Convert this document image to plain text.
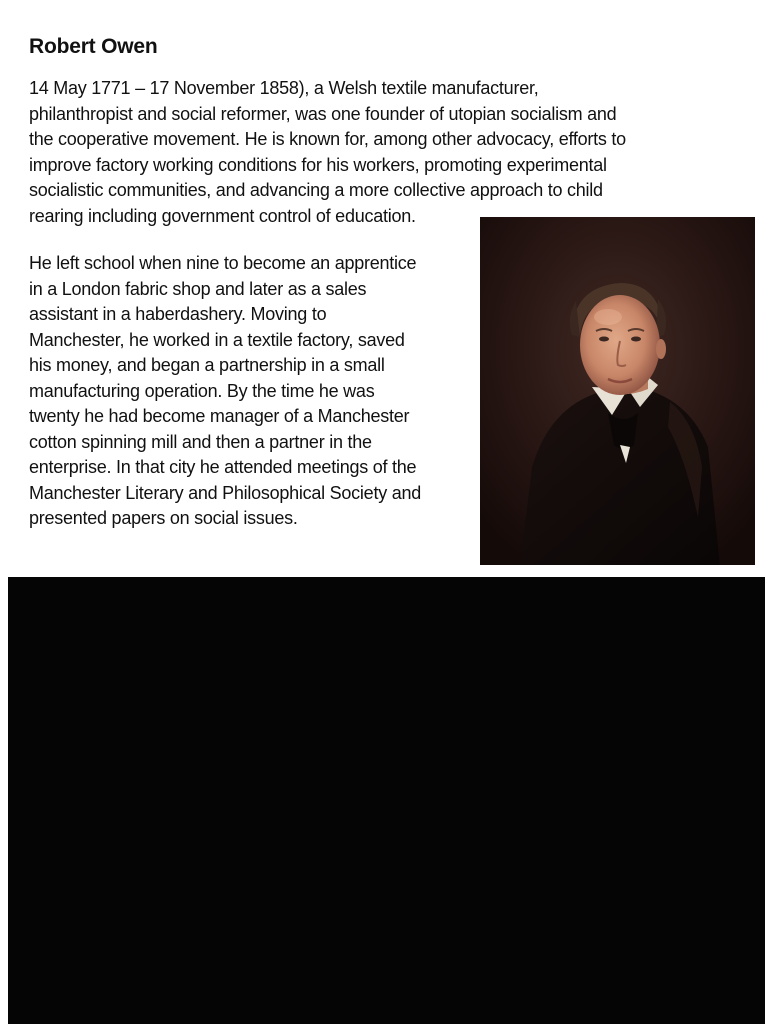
Robert Owen

14 May 1771 – 17 November 1858), a Welsh textile manufacturer,
philanthropist and social reformer, was one founder of utopian socialism and
the cooperative movement. He is known for, among other advocacy, efforts to
improve factory working conditions for his workers, promoting experimental
socialistic communities, and advancing a more collective approach to child
rearing including government control of education.

He left school when nine to become an apprentice
in a London fabric shop and later as a sales
assistant in a haberdashery. Moving to
Manchester, he worked in a textile factory, saved
his money, and began a partnership in a small
manufacturing operation. By the time he was
twenty he had become manager of a Manchester
cotton spinning mill and then a partner in the
enterprise. In that city he attended meetings of the
Manchester Literary and Philosophical Society and
presented papers on social issues.
